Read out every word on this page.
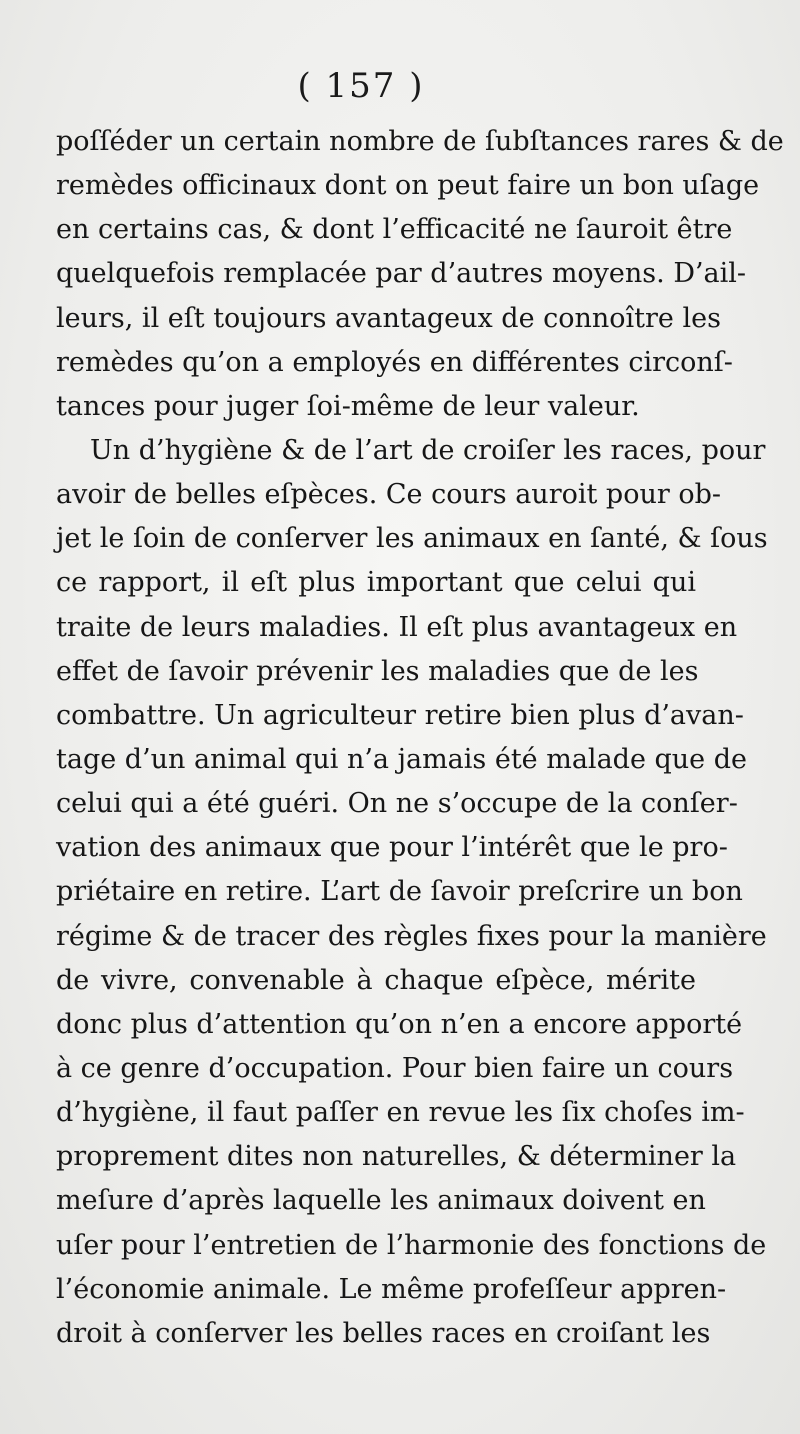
( 157 )
poſſéder un certain nombre de ſubſtances rares & de
remèdes officinaux dont on peut faire un bon uſage
en certains cas, & dont l’efficacité ne ſauroit être
quelquefois remplacée par d’autres moyens. D’ail-
leurs, il eſt toujours avantageux de connoître les
remèdes qu’on a employés en différentes circonſ-
tances pour juger ſoi-même de leur valeur.
Un d’hygiène & de l’art de croiſer les races, pour
avoir de belles eſpèces. Ce cours auroit pour ob-
jet le ſoin de conſerver les animaux en ſanté, & ſous
ce rapport, il eſt plus important que celui qui
traite de leurs maladies. Il eſt plus avantageux en
effet de ſavoir prévenir les maladies que de les
combattre. Un agriculteur retire bien plus d’avan-
tage d’un animal qui n’a jamais été malade que de
celui qui a été guéri. On ne s’occupe de la conſer-
vation des animaux que pour l’intérêt que le pro-
priétaire en retire. L’art de ſavoir preſcrire un bon
régime & de tracer des règles fixes pour la manière
de vivre, convenable à chaque eſpèce, mérite
donc plus d’attention qu’on n’en a encore apporté
à ce genre d’occupation. Pour bien faire un cours
d’hygiène, il faut paſſer en revue les ſix choſes im-
proprement dites non naturelles, & déterminer la
meſure d’après laquelle les animaux doivent en
uſer pour l’entretien de l’harmonie des fonctions de
l’économie animale. Le même profeſſeur appren-
droit à conſerver les belles races en croiſant les
